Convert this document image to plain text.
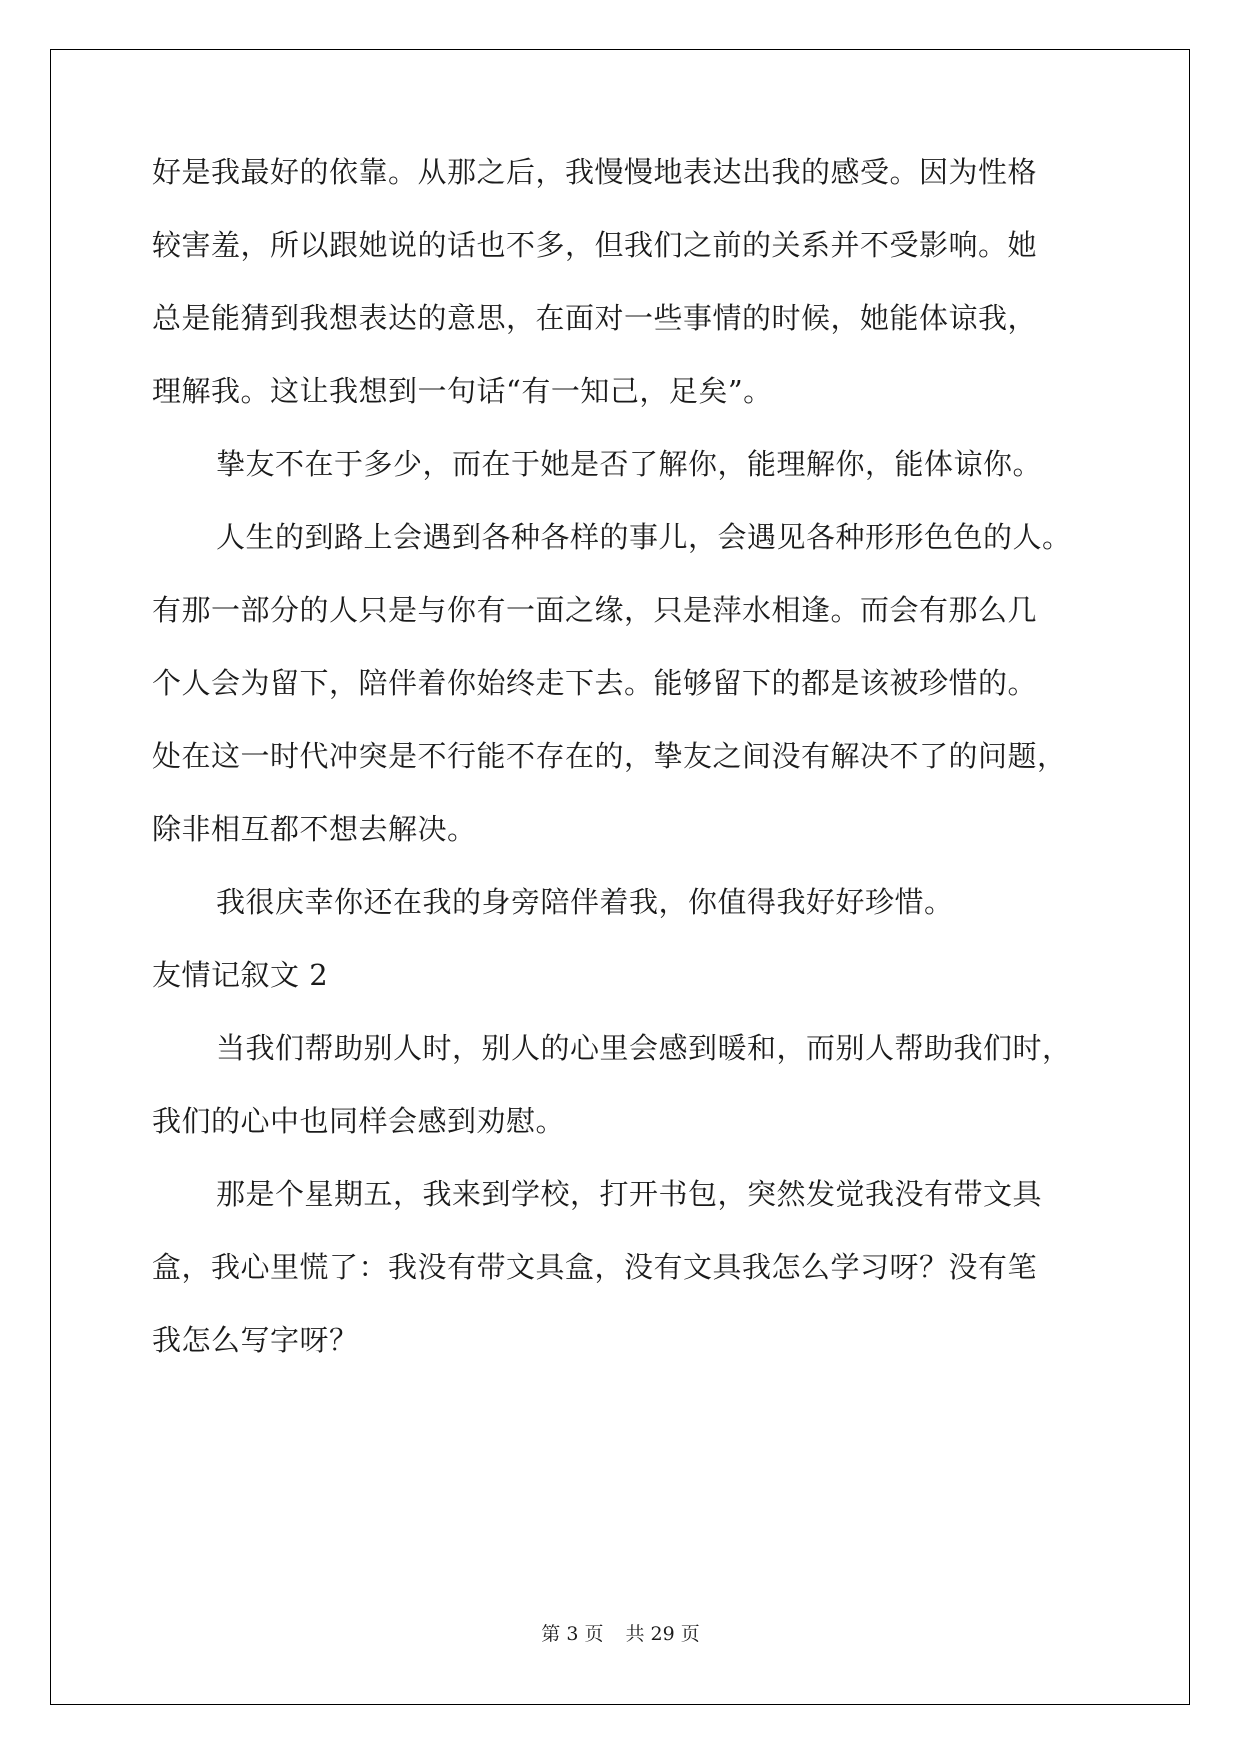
好是我最好的依靠。从那之后，我慢慢地表达出我的感受。因为性格
较害羞，所以跟她说的话也不多，但我们之前的关系并不受影响。她
总是能猜到我想表达的意思，在面对一些事情的时候，她能体谅我，
理解我。这让我想到一句话“有一知己，足矣”。
挚友不在于多少，而在于她是否了解你，能理解你，能体谅你。
人生的到路上会遇到各种各样的事儿，会遇见各种形形色色的人。
有那一部分的人只是与你有一面之缘，只是萍水相逢。而会有那么几
个人会为留下，陪伴着你始终走下去。能够留下的都是该被珍惜的。
处在这一时代冲突是不行能不存在的，挚友之间没有解决不了的问题，
除非相互都不想去解决。
我很庆幸你还在我的身旁陪伴着我，你值得我好好珍惜。
友情记叙文 2
当我们帮助别人时，别人的心里会感到暖和，而别人帮助我们时，
我们的心中也同样会感到劝慰。
那是个星期五，我来到学校，打开书包，突然发觉我没有带文具
盒，我心里慌了：我没有带文具盒，没有文具我怎么学习呀？没有笔
我怎么写字呀？
第 3 页 共 29 页
